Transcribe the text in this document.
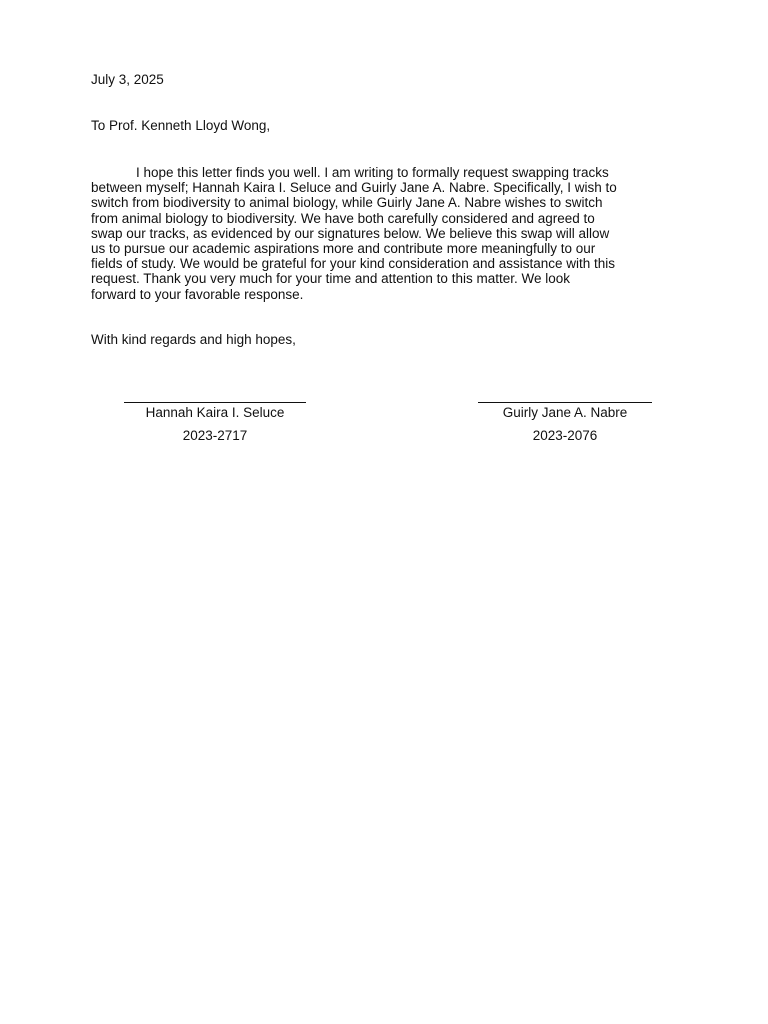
July 3, 2025
To Prof. Kenneth Lloyd Wong,
I hope this letter finds you well. I am writing to formally request swapping tracks
between myself; Hannah Kaira I. Seluce and Guirly Jane A. Nabre. Specifically, I wish to
switch from biodiversity to animal biology, while Guirly Jane A. Nabre wishes to switch
from animal biology to biodiversity. We have both carefully considered and agreed to
swap our tracks, as evidenced by our signatures below. We believe this swap will allow
us to pursue our academic aspirations more and contribute more meaningfully to our
fields of study. We would be grateful for your kind consideration and assistance with this
request. Thank you very much for your time and attention to this matter. We look
forward to your favorable response.
With kind regards and high hopes,
Hannah Kaira I. Seluce
2023-2717
Guirly Jane A. Nabre
2023-2076
